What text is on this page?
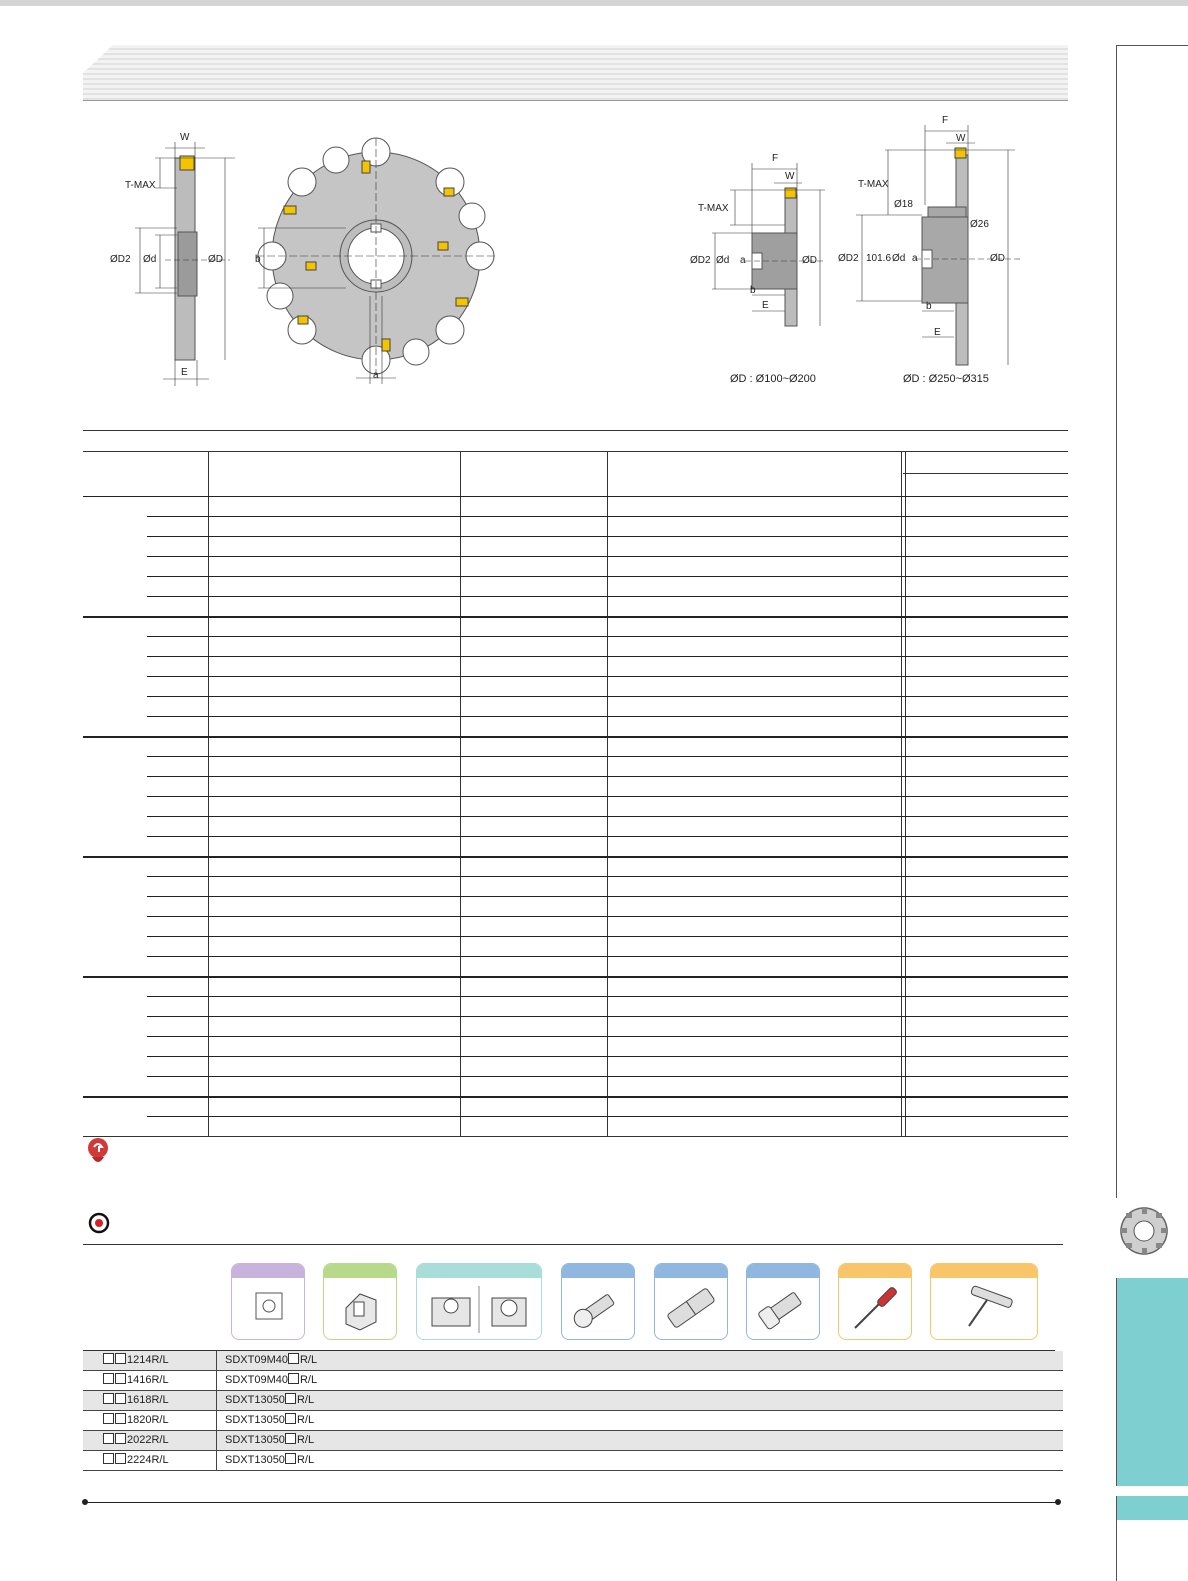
W
T-MAX
ØD2 Ød	ØD
E
b
a
F
W
T-MAX
ØD2 Ød a	ØD
b
E
F
W
T-MAX
Ø18
Ø26
ØD2 101.6 Ød a	ØD
b
E
ØD : Ø100~Ø200	ØD : Ø250~Ø315
1214R/L	SDXT09M40 R/L
1416R/L	SDXT09M40 R/L
1618R/L	SDXT13050 R/L
1820R/L	SDXT13050 R/L
2022R/L	SDXT13050 R/L
2224R/L	SDXT13050 R/L
